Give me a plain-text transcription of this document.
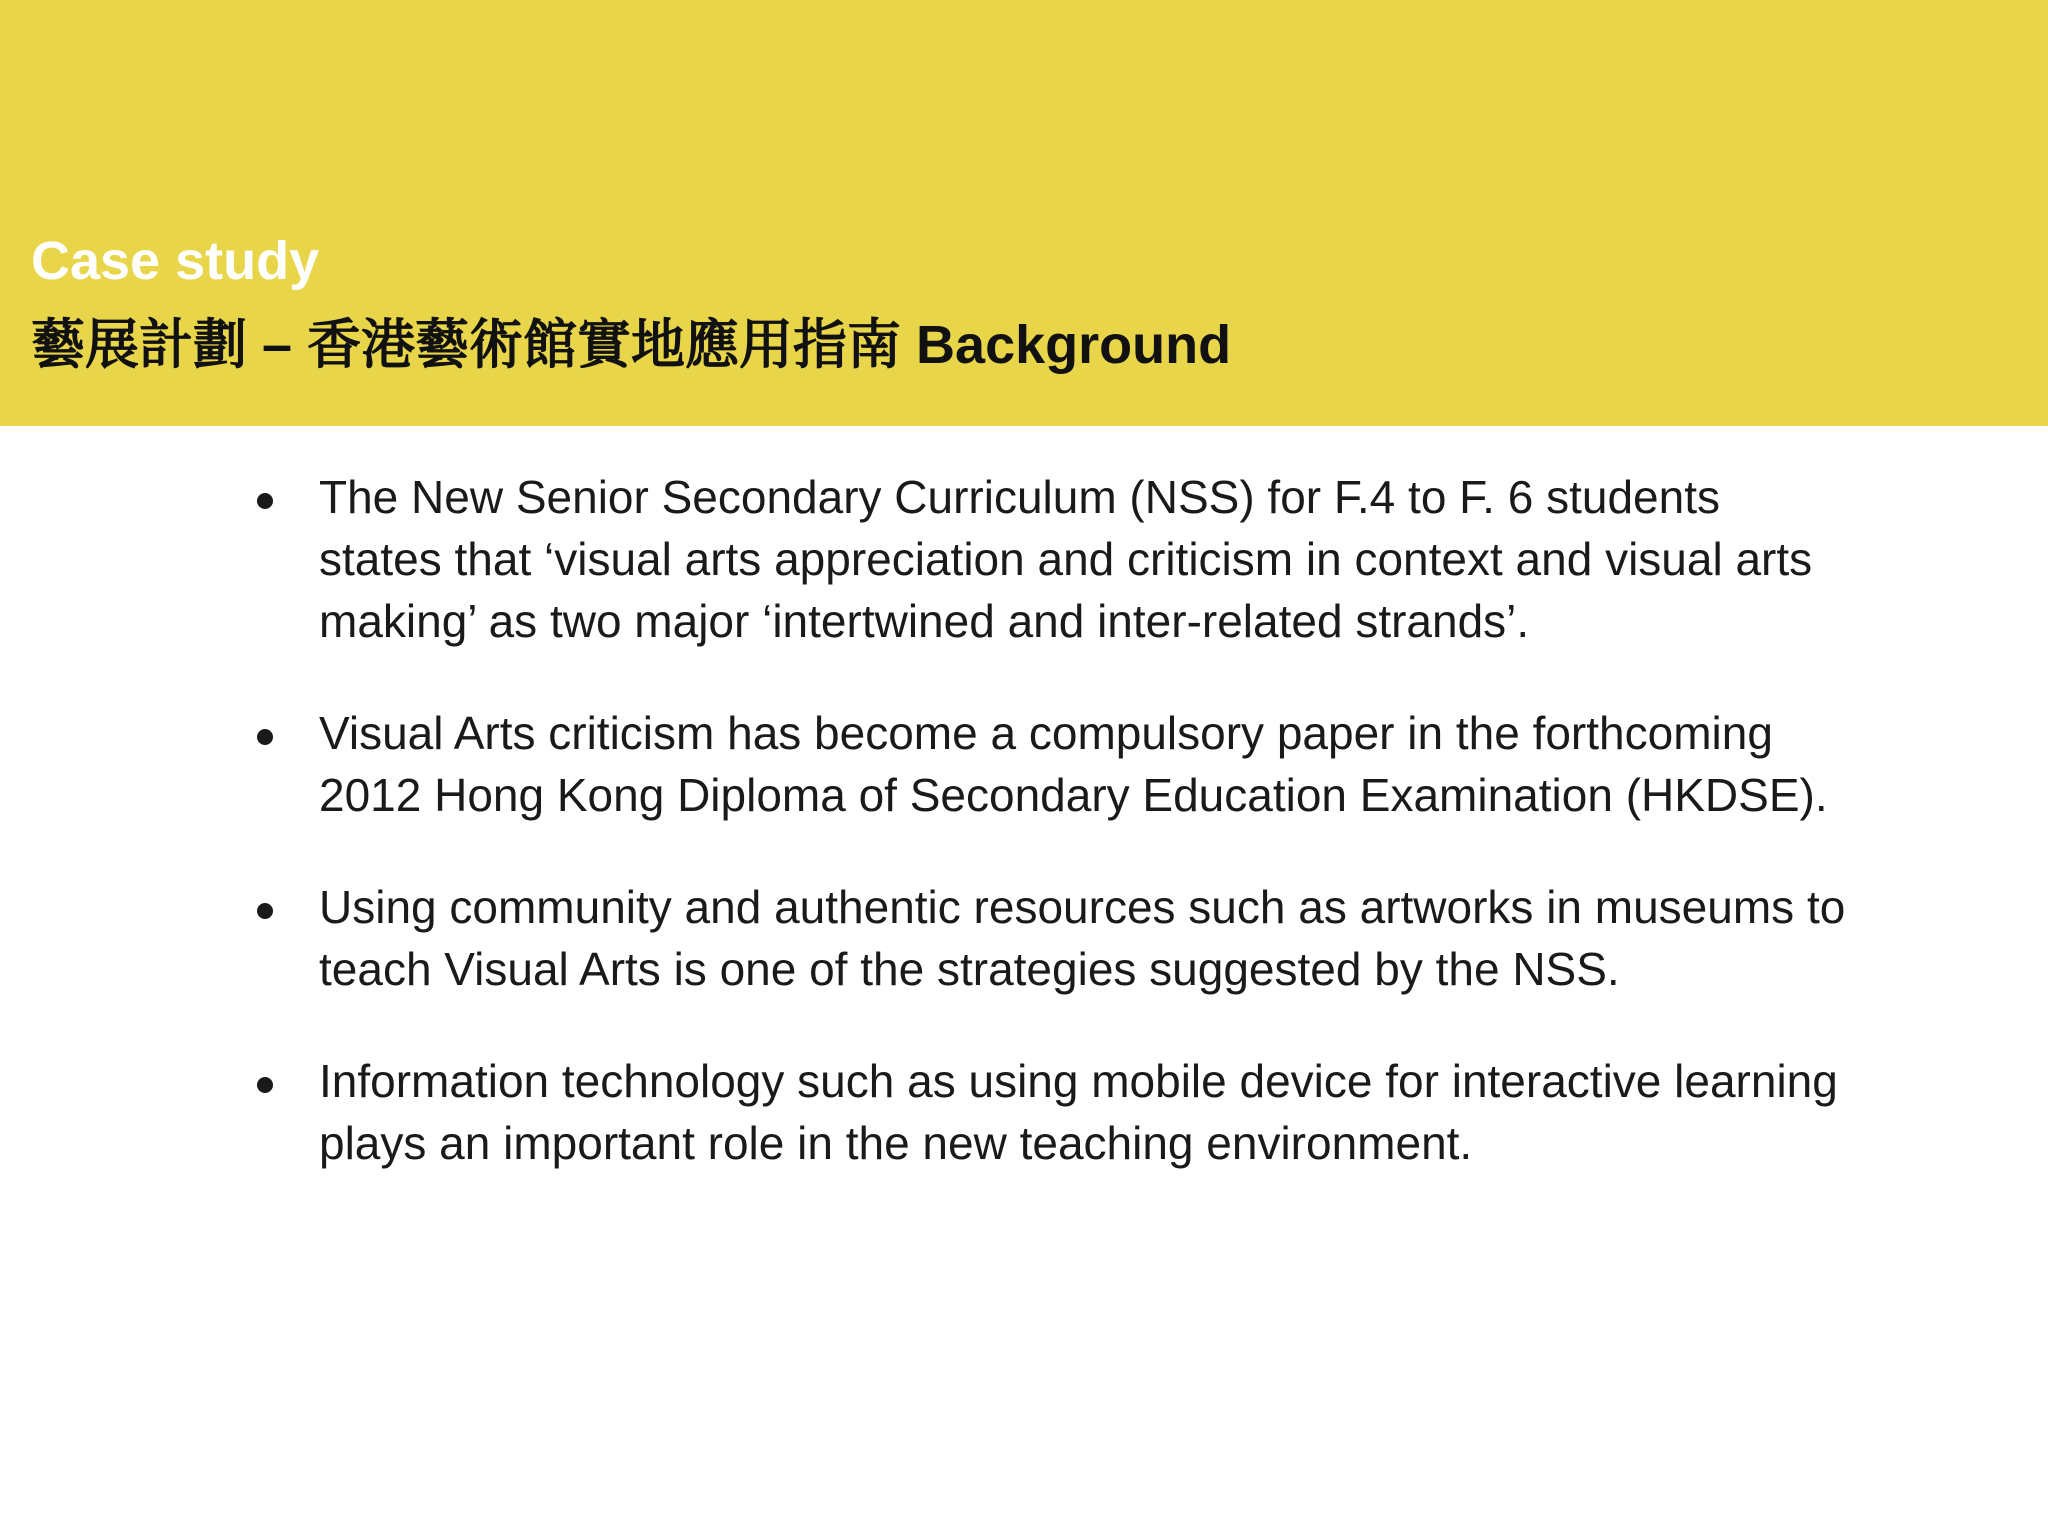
Case study
藝展計劃 – 香港藝術館實地應用指南 Background
The New Senior Secondary Curriculum (NSS) for F.4 to F. 6 students states that ‘visual arts appreciation and criticism in context and visual arts making’ as two major ‘intertwined and inter-related strands’.
Visual Arts criticism has become a compulsory paper in the forthcoming 2012 Hong Kong Diploma of Secondary Education Examination (HKDSE).
Using community and authentic resources such as artworks in museums to teach Visual Arts is one of the strategies suggested by the NSS.
Information technology such as using mobile device for interactive learning plays an important role in the new teaching environment.
